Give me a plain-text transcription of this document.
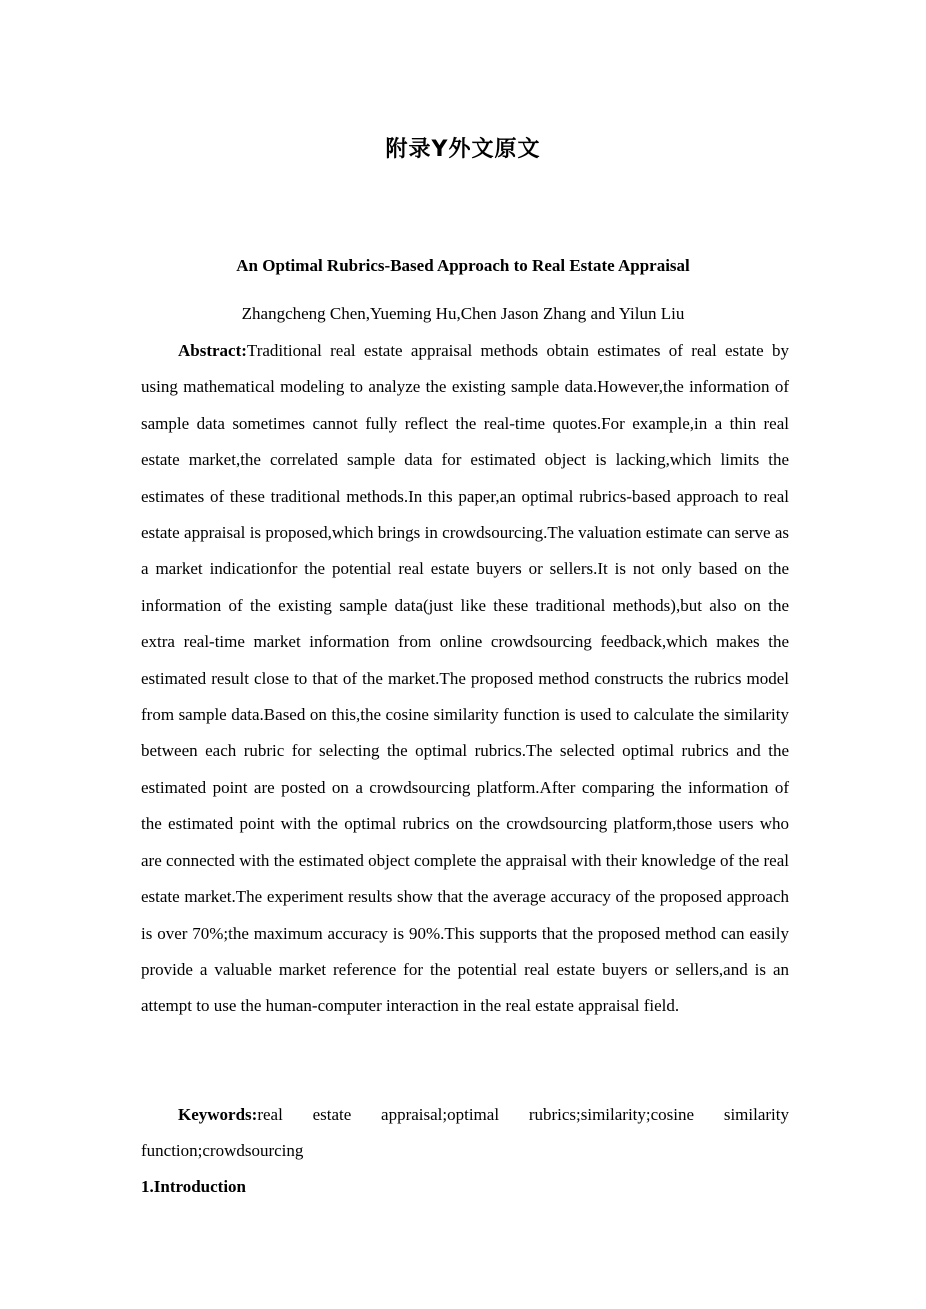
附录Y外文原文
An Optimal Rubrics-Based Approach to Real Estate Appraisal
Zhangcheng Chen,Yueming Hu,Chen Jason Zhang and Yilun Liu

Abstract:Traditional real estate appraisal methods obtain estimates of real estate by using mathematical modeling to analyze the existing sample data.However,the information of sample data sometimes cannot fully reflect the real-time quotes.For example,in a thin real estate market,the correlated sample data for estimated object is lacking,which limits the estimates of these traditional methods.In this paper,an optimal rubrics-based approach to real estate appraisal is proposed,which brings in crowdsourcing.The valuation estimate can serve as a market indicationfor the potential real estate buyers or sellers.It is not only based on the information of the existing sample data(just like these traditional methods),but also on the extra real-time market information from online crowdsourcing feedback,which makes the estimated result close to that of the market.The proposed method constructs the rubrics model from sample data.Based on this,the cosine similarity function is used to calculate the similarity between each rubric for selecting the optimal rubrics.The selected optimal rubrics and the estimated point are posted on a crowdsourcing platform.After comparing the information of the estimated point with the optimal rubrics on the crowdsourcing platform,those users who are connected with the estimated object complete the appraisal with their knowledge of the real estate market.The experiment results show that the average accuracy of the proposed approach is over 70%;the maximum accuracy is 90%.This supports that the proposed method can easily provide a valuable market reference for the potential real estate buyers or sellers,and is an attempt to use the human-computer interaction in the real estate appraisal field.

Keywords:real estate appraisal;optimal rubrics;similarity;cosine similarity function;crowdsourcing

1.Introduction
